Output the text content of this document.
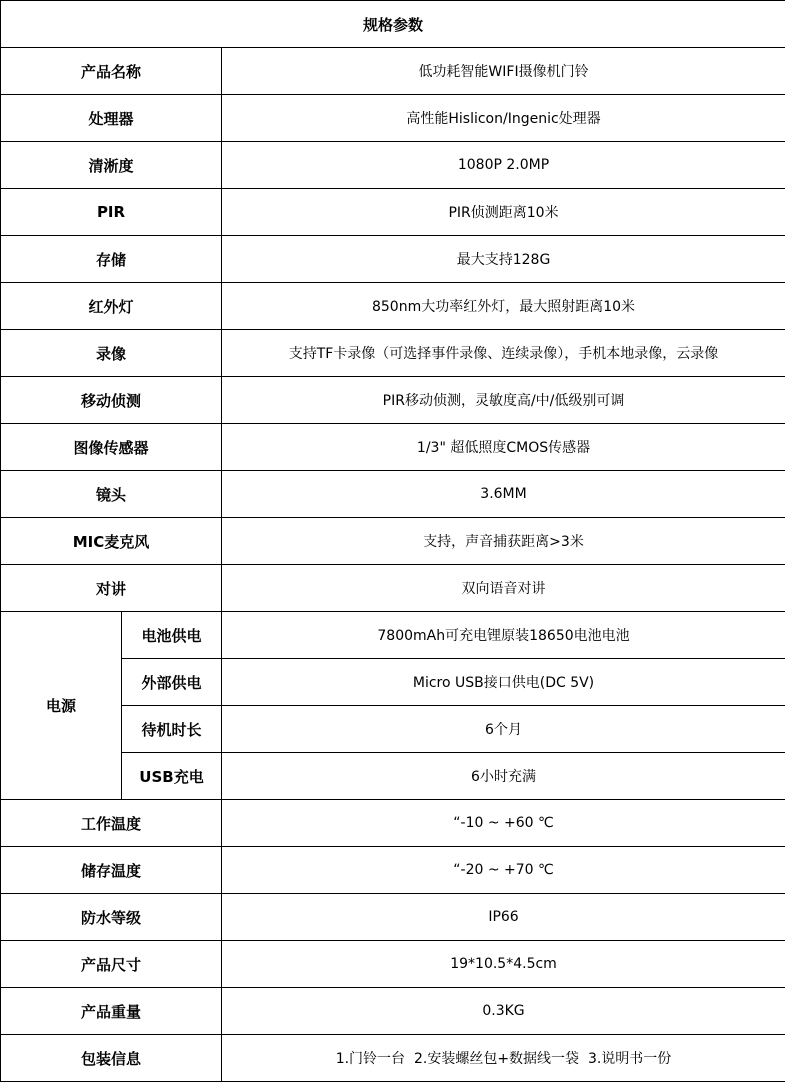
规格参数		
产品名称		低功耗智能WIFI摄像机门铃
处理器		高性能Hislicon/Ingenic处理器
清淅度		1080P 2.0MP
PIR		PIR侦测距离10米
存储		最大支持128G
红外灯		850nm大功率红外灯，最大照射距离10米
录像		支持TF卡录像（可选择事件录像、连续录像），手机本地录像，云录像
移动侦测		PIR移动侦测，灵敏度高/中/低级别可调
图像传感器		1/3" 超低照度CMOS传感器
镜头		3.6MM
MIC麦克风		支持，声音捕获距离>3米
对讲		双向语音对讲
电源	电池供电	7800mAh可充电锂原装18650电池电池
	外部供电	Micro USB接口供电(DC 5V)
	待机时长	6个月
	USB充电	6小时充满
工作温度		“-10 ~ +60 ℃
储存温度		“-20 ~ +70 ℃
防水等级		IP66
产品尺寸		19*10.5*4.5cm
产品重量		0.3KG
包装信息		1.门铃一台  2.安装螺丝包+数据线一袋  3.说明书一份
